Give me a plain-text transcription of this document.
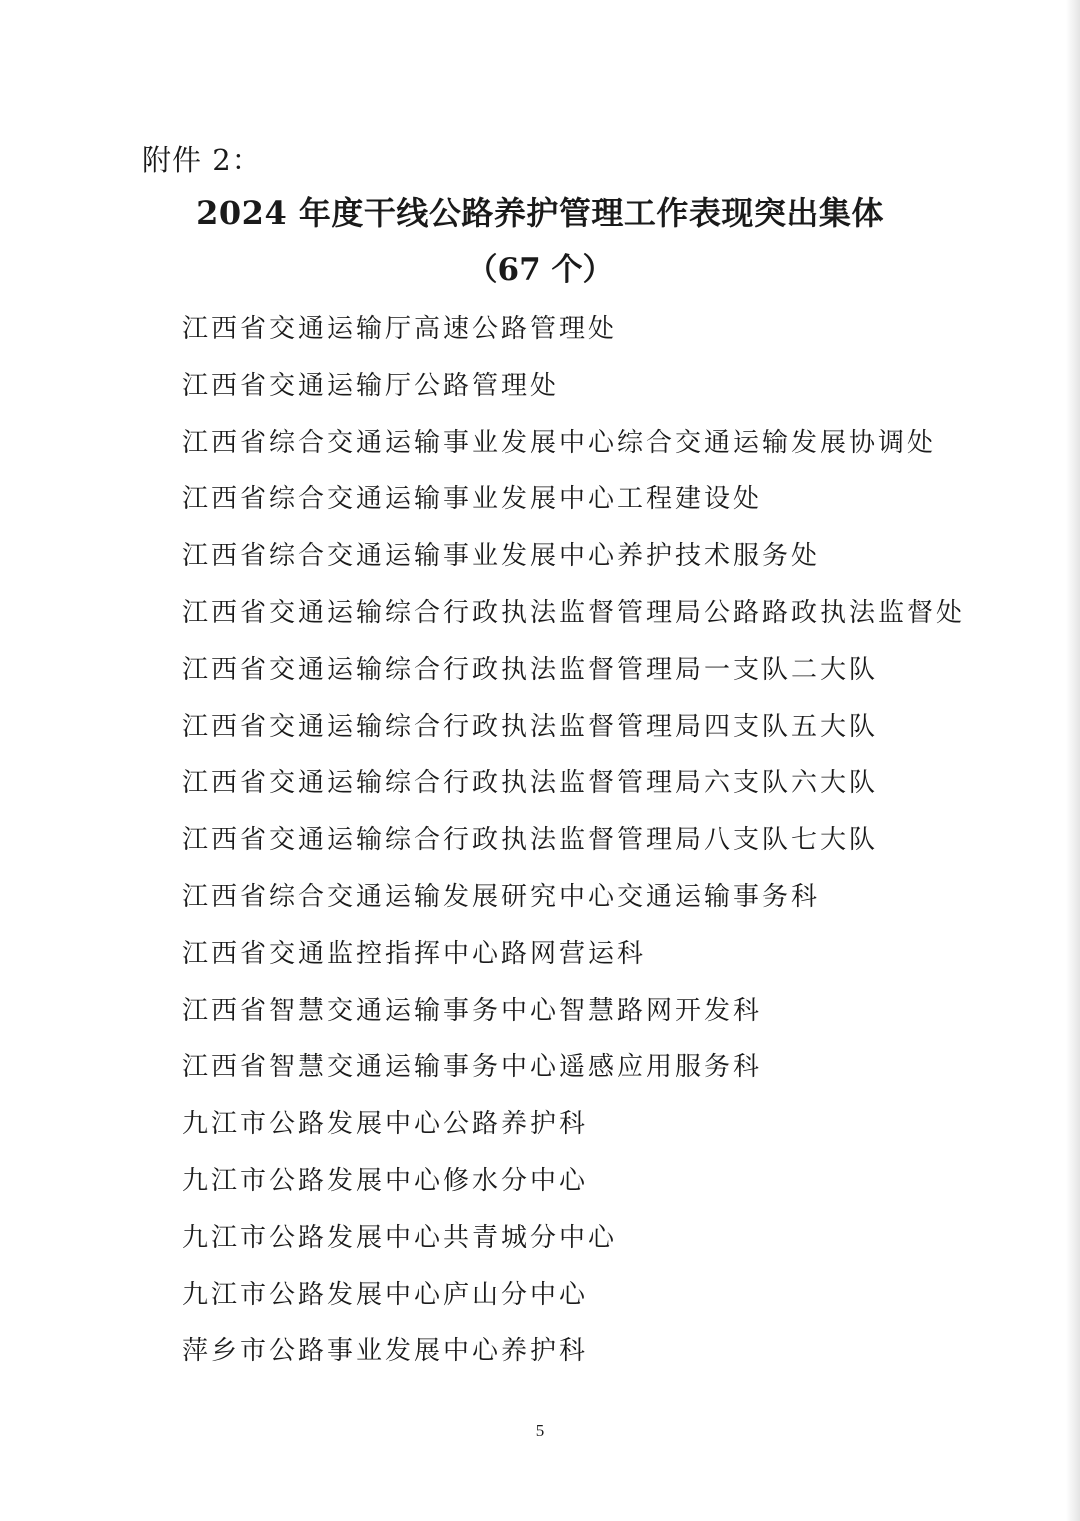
附件 2：
2024 年度干线公路养护管理工作表现突出集体
（67 个）
江西省交通运输厅高速公路管理处
江西省交通运输厅公路管理处
江西省综合交通运输事业发展中心综合交通运输发展协调处
江西省综合交通运输事业发展中心工程建设处
江西省综合交通运输事业发展中心养护技术服务处
江西省交通运输综合行政执法监督管理局公路路政执法监督处
江西省交通运输综合行政执法监督管理局一支队二大队
江西省交通运输综合行政执法监督管理局四支队五大队
江西省交通运输综合行政执法监督管理局六支队六大队
江西省交通运输综合行政执法监督管理局八支队七大队
江西省综合交通运输发展研究中心交通运输事务科
江西省交通监控指挥中心路网营运科
江西省智慧交通运输事务中心智慧路网开发科
江西省智慧交通运输事务中心遥感应用服务科
九江市公路发展中心公路养护科
九江市公路发展中心修水分中心
九江市公路发展中心共青城分中心
九江市公路发展中心庐山分中心
萍乡市公路事业发展中心养护科
5
